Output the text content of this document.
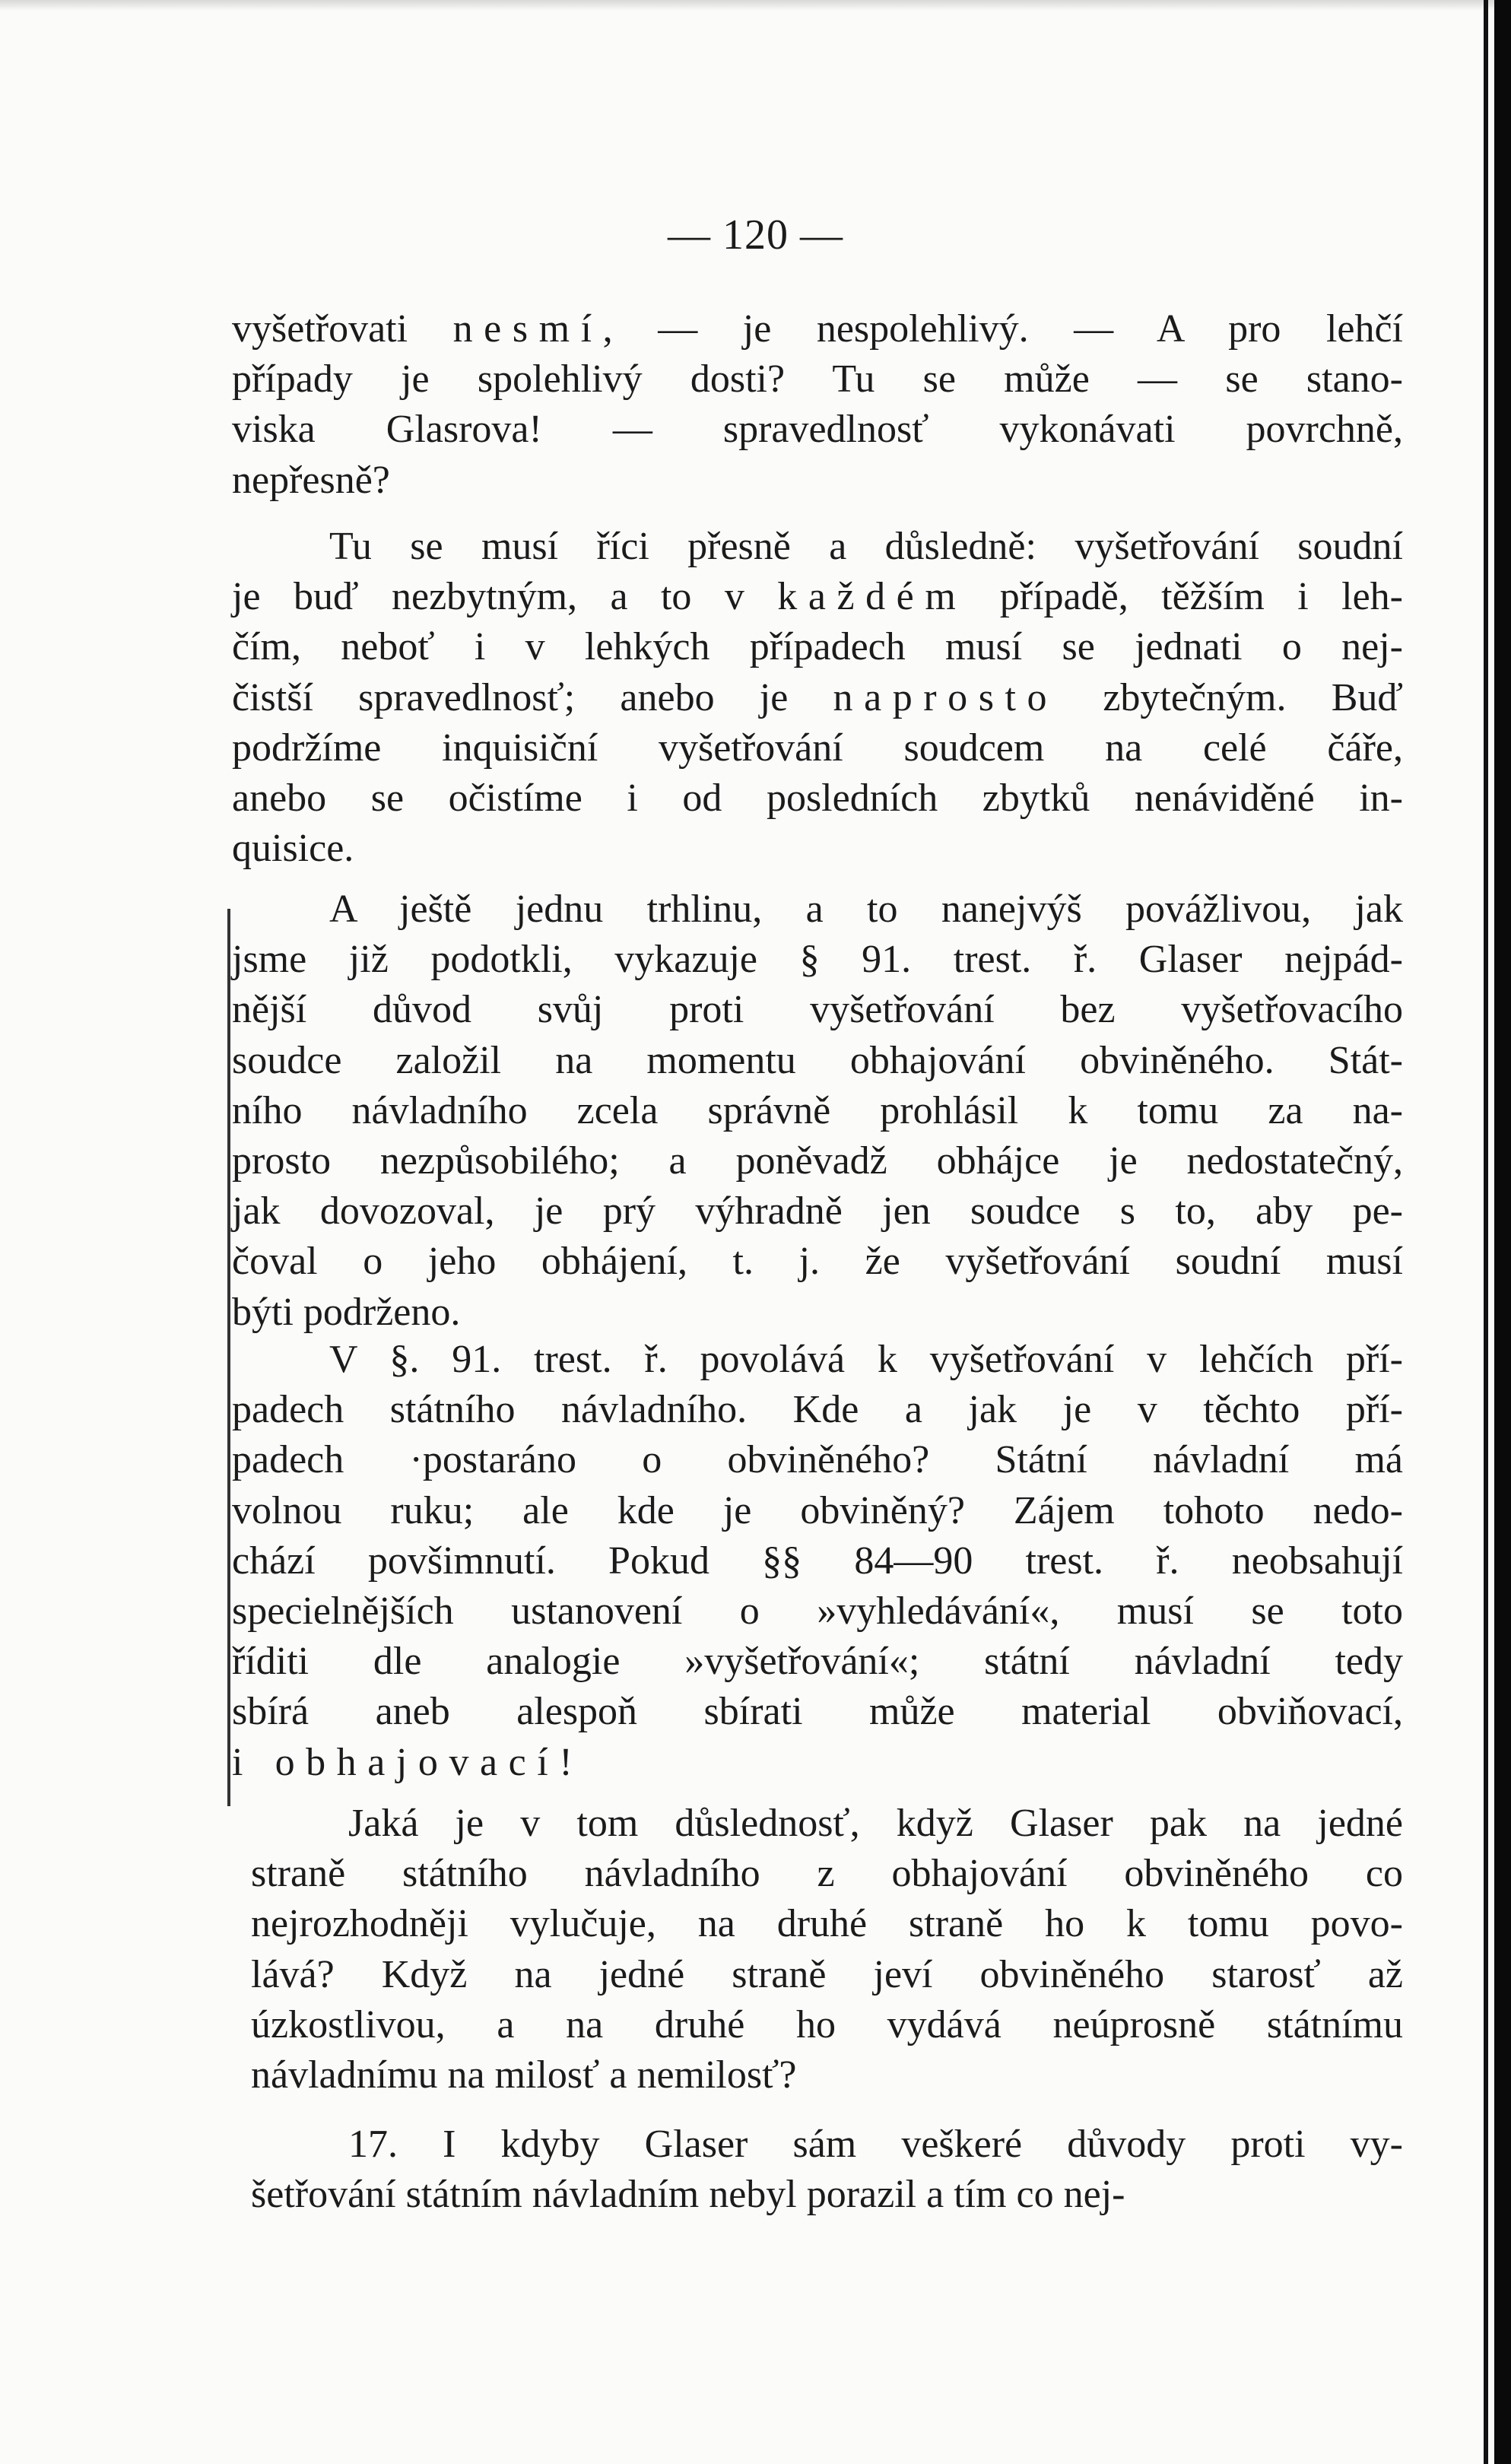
— 120 —
vyšetřovati nesmí, — je nespolehlivý. — A pro lehčí
případy je spolehlivý dosti? Tu se může — se stano-
viska Glasrova! — spravedlnosť vykonávati povrchně,
nepřesně?
Tu se musí říci přesně a důsledně: vyšetřování soudní
je buď nezbytným, a to v každém případě, těžším i leh-
čím, neboť i v lehkých případech musí se jednati o nej-
čistší spravedlnosť; anebo je naprosto zbytečným. Buď
podržíme inquisiční vyšetřování soudcem na celé čáře,
anebo se očistíme i od posledních zbytků nenáviděné in-
quisice.
A ještě jednu trhlinu, a to nanejvýš povážlivou, jak
jsme již podotkli, vykazuje § 91. trest. ř. Glaser nejpád-
nější důvod svůj proti vyšetřování bez vyšetřovacího
soudce založil na momentu obhajování obviněného. Stát-
ního návladního zcela správně prohlásil k tomu za na-
prosto nezpůsobilého; a poněvadž obhájce je nedostatečný,
jak dovozoval, je prý výhradně jen soudce s to, aby pe-
čoval o jeho obhájení, t. j. že vyšetřování soudní musí
býti podrženo.
V §. 91. trest. ř. povolává k vyšetřování v lehčích pří-
padech státního návladního. Kde a jak je v těchto pří-
padech ·postaráno o obviněného? Státní návladní má
volnou ruku; ale kde je obviněný? Zájem tohoto nedo-
chází povšimnutí. Pokud §§ 84—90 trest. ř. neobsahují
specielnějších ustanovení o »vyhledávání«, musí se toto
říditi dle analogie »vyšetřování«; státní návladní tedy
sbírá aneb alespoň sbírati může material obviňovací,
i obhajovací!
Jaká je v tom důslednosť, když Glaser pak na jedné
straně státního návladního z obhajování obviněného co
nejrozhodněji vylučuje, na druhé straně ho k tomu povo-
lává? Když na jedné straně jeví obviněného starosť až
úzkostlivou, a na druhé ho vydává neúprosně státnímu
návladnímu na milosť a nemilosť?
17. I kdyby Glaser sám veškeré důvody proti vy-
šetřování státním návladním nebyl porazil a tím co nej-
